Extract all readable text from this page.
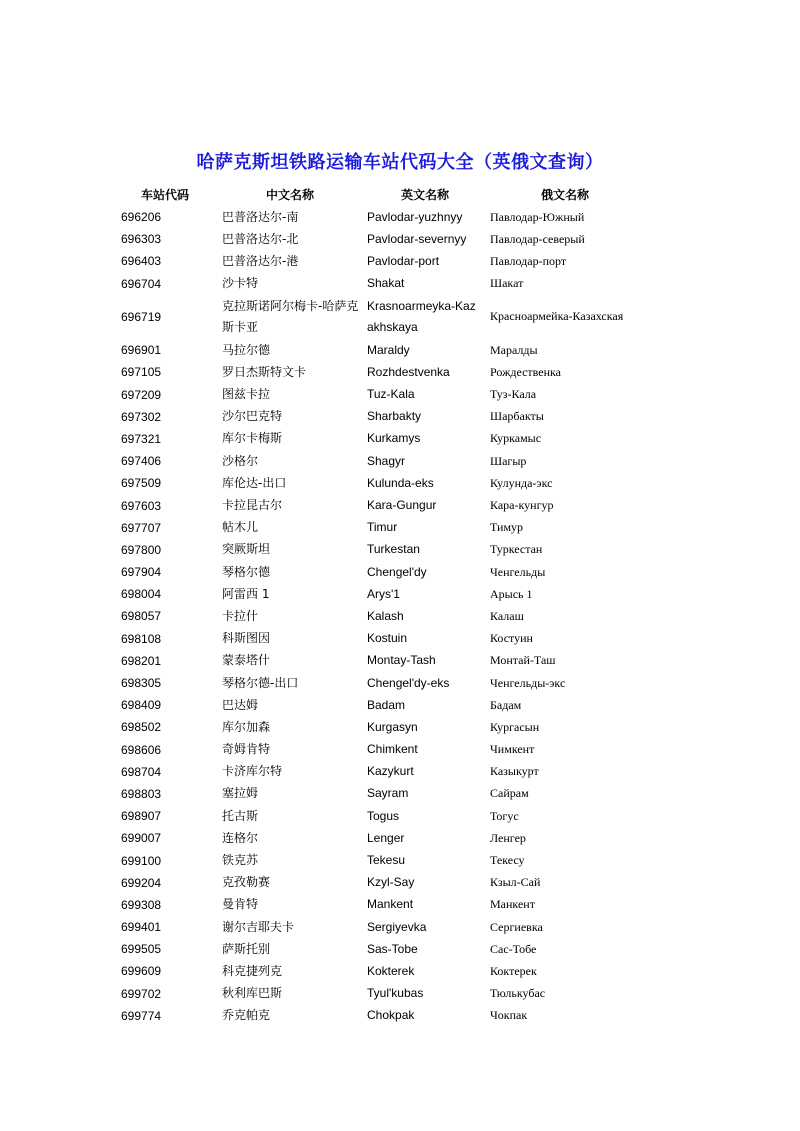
哈萨克斯坦铁路运输车站代码大全（英俄文查询）
车站代码	中文名称	英文名称	俄文名称
696206	巴普洛达尔-南	Pavlodar-yuzhnyy Павлодар-Южный
696303	巴普洛达尔-北	Pavlodar-severnyy Павлодар-северый
696403	巴普洛达尔-港	Pavlodar-port	Павлодар-порт
696704	沙卡特	Shakat	Шакат
696719
克拉斯诺阿尔梅卡-哈萨克斯卡亚
Krasnoarmeyka-Kazakhskaya
Красноармейка-Казахская
696901	马拉尔德	Maraldy	Маралды
697105	罗日杰斯特文卡	Rozhdestvenka	Рождественка
697209	图兹卡拉	Tuz-Kala	Туз-Кала
697302	沙尔巴克特	Sharbakty	Шарбакты
697321	库尔卡梅斯	Kurkamys	Куркамыс
697406	沙格尔	Shagyr	Шагыр
697509	库伦达-出口	Kulunda-eks	Кулунда-экс
697603	卡拉昆古尔	Kara-Gungur	Кара-кунгур
697707	帖木儿	Timur	Тимур
697800	突厥斯坦	Turkestan	Туркестан
697904	琴格尔德	Chengel'dy	Ченгельды
698004	阿雷西 1	Arys'1	Арысь 1
698057	卡拉什	Kalash	Калаш
698108	科斯图因	Kostuin	Костуин
698201	蒙泰塔什	Montay-Tash	Монтай-Таш
698305	琴格尔德-出口	Chengel'dy-eks	Ченгельды-экс
698409	巴达姆	Badam	Бадам
698502	库尔加森	Kurgasyn	Кургасын
698606	奇姆肯特	Chimkent	Чимкент
698704	卡济库尔特	Kazykurt	Казыкурт
698803	塞拉姆	Sayram	Сайрам
698907	托古斯	Togus	Тогус
699007	连格尔	Lenger	Ленгер
699100	铁克苏	Tekesu	Текесу
699204	克孜勒赛	Kzyl-Say	Кзыл-Сай
699308	曼肯特	Mankent	Манкент
699401	谢尔吉耶夫卡	Sergiyevka	Сергиевка
699505	萨斯托别	Sas-Tobe	Сас-Тобе
699609	科克捷列克	Kokterek	Коктерек
699702	秋利库巴斯	Tyul'kubas	Тюлькубас
699774	乔克帕克	Chokpak	Чокпак
